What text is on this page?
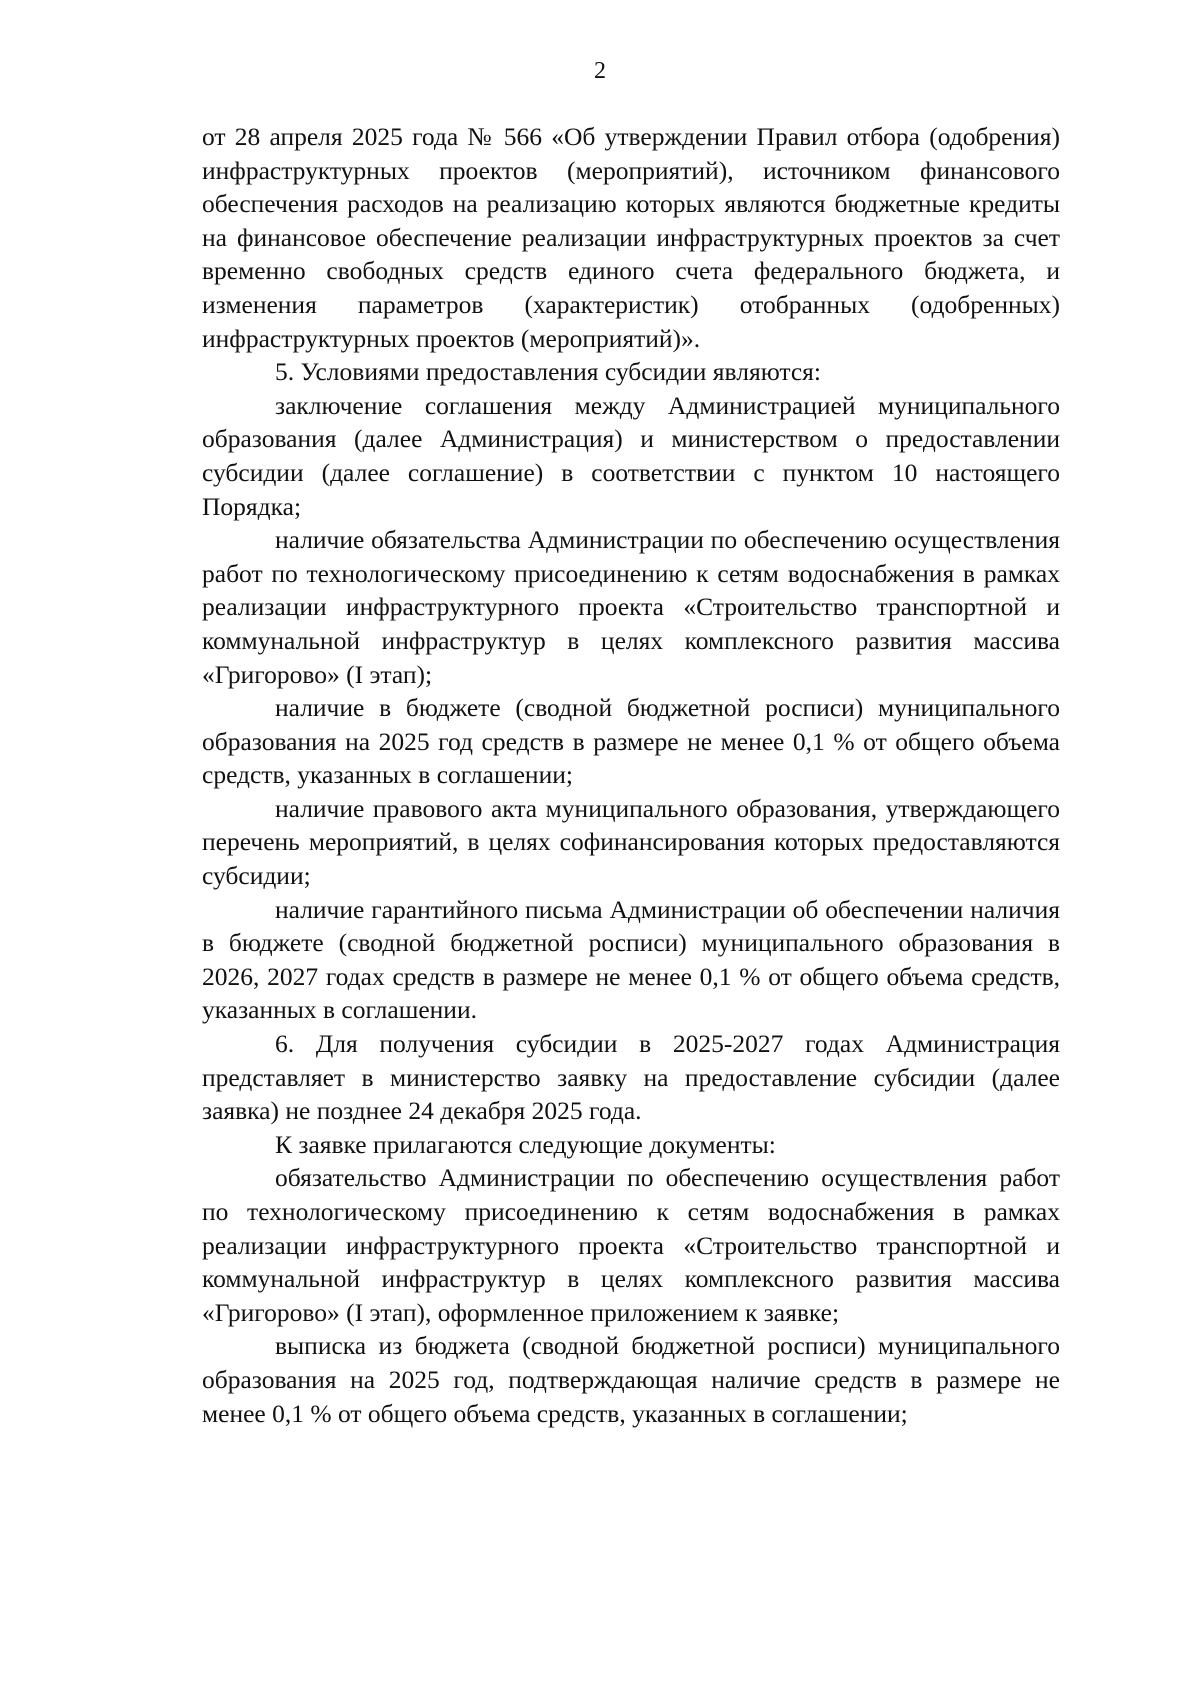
2

от 28 апреля 2025 года № 566 «Об утверждении Правил отбора (одобрения) инфраструктурных проектов (мероприятий), источником финансового обеспечения расходов на реализацию которых являются бюджетные кредиты на финансовое обеспечение реализации инфраструктурных проектов за счет временно свободных средств единого счета федерального бюджета, и изменения параметров (характеристик) отобранных (одобренных) инфраструктурных проектов (мероприятий)».

5. Условиями предоставления субсидии являются:

заключение соглашения между Администрацией муниципального образования (далее Администрация) и министерством о предоставлении субсидии (далее соглашение) в соответствии с пунктом 10 настоящего Порядка;

наличие обязательства Администрации по обеспечению осуществления работ по технологическому присоединению к сетям водоснабжения в рамках реализации инфраструктурного проекта «Строительство транспортной и коммунальной инфраструктур в целях комплексного развития массива «Григорово» (I этап);

наличие в бюджете (сводной бюджетной росписи) муниципального образования на 2025 год средств в размере не менее 0,1 % от общего объема средств, указанных в соглашении;

наличие правового акта муниципального образования, утверждающего перечень мероприятий, в целях софинансирования которых предоставляются субсидии;

наличие гарантийного письма Администрации об обеспечении наличия в бюджете (сводной бюджетной росписи) муниципального образования в 2026, 2027 годах средств в размере не менее 0,1 % от общего объема средств, указанных в соглашении.

6. Для получения субсидии в 2025-2027 годах Администрация представляет в министерство заявку на предоставление субсидии (далее заявка) не позднее 24 декабря 2025 года.

К заявке прилагаются следующие документы:

обязательство Администрации по обеспечению осуществления работ по технологическому присоединению к сетям водоснабжения в рамках реализации инфраструктурного проекта «Строительство транспортной и коммунальной инфраструктур в целях комплексного развития массива «Григорово» (I этап), оформленное приложением к заявке;

выписка из бюджета (сводной бюджетной росписи) муниципального образования на 2025 год, подтверждающая наличие средств в размере не менее 0,1 % от общего объема средств, указанных в соглашении;
